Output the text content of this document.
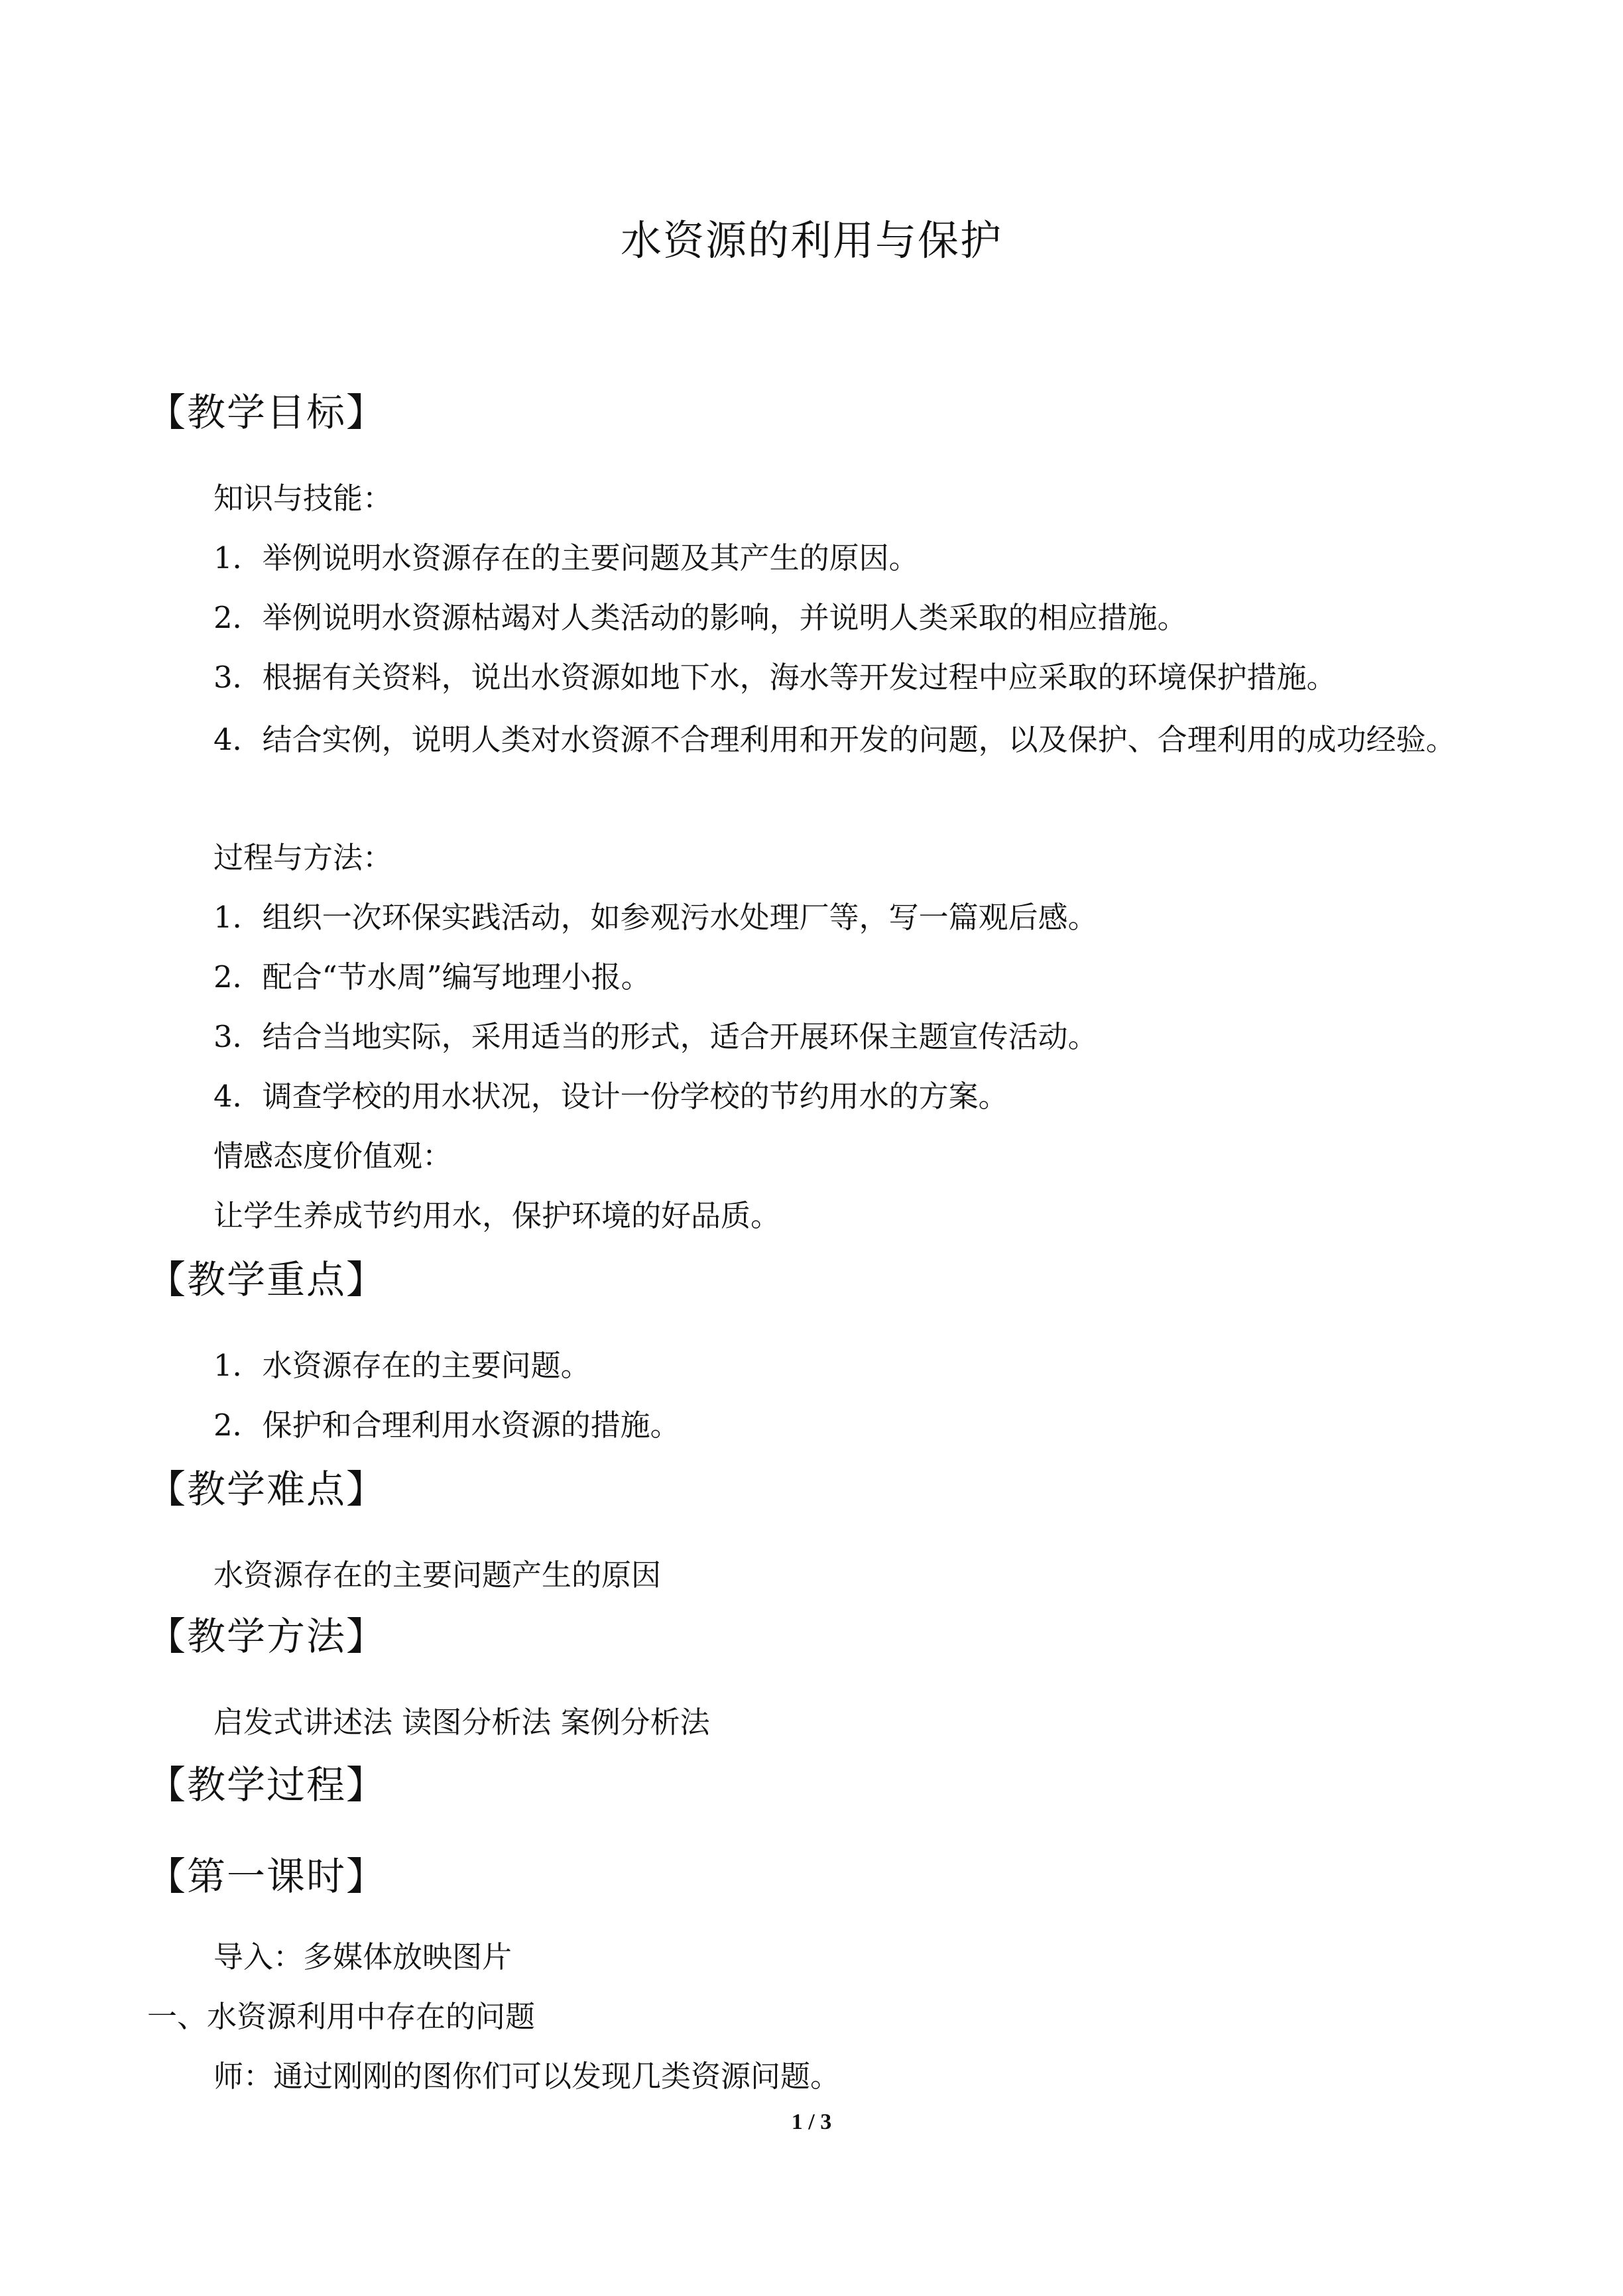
水资源的利用与保护
【教学目标】
知识与技能：
1．举例说明水资源存在的主要问题及其产生的原因。
2．举例说明水资源枯竭对人类活动的影响，并说明人类采取的相应措施。
3．根据有关资料，说出水资源如地下水，海水等开发过程中应采取的环境保护措施。
4．结合实例，说明人类对水资源不合理利用和开发的问题，以及保护、合理利用的成功经验。
过程与方法：
1．组织一次环保实践活动，如参观污水处理厂等，写一篇观后感。
2．配合“节水周”编写地理小报。
3．结合当地实际，采用适当的形式，适合开展环保主题宣传活动。
4．调查学校的用水状况，设计一份学校的节约用水的方案。
情感态度价值观：
让学生养成节约用水，保护环境的好品质。
【教学重点】
1．水资源存在的主要问题。
2．保护和合理利用水资源的措施。
【教学难点】
水资源存在的主要问题产生的原因
【教学方法】
启发式讲述法 读图分析法 案例分析法
【教学过程】
【第一课时】
导入：多媒体放映图片
一、水资源利用中存在的问题
师：通过刚刚的图你们可以发现几类资源问题。
1 / 3
